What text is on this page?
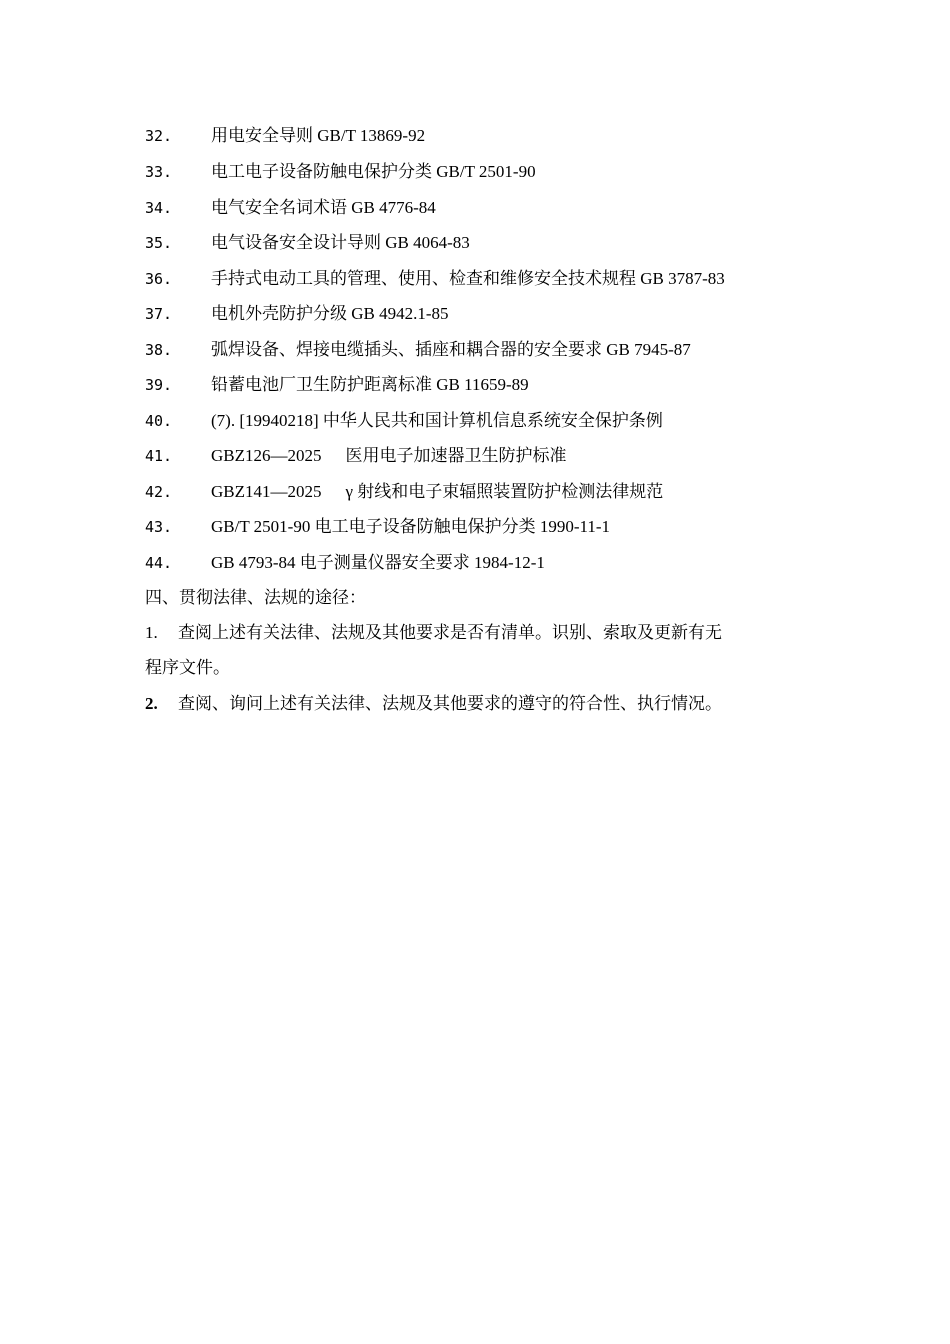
32. 用电安全导则 GB/T 13869-92
33. 电工电子设备防触电保护分类 GB/T 2501-90
34. 电气安全名词术语 GB 4776-84
35. 电气设备安全设计导则 GB 4064-83
36. 手持式电动工具的管理、使用、检查和维修安全技术规程 GB 3787-83
37. 电机外壳防护分级 GB 4942.1-85
38. 弧焊设备、焊接电缆插头、插座和耦合器的安全要求 GB 7945-87
39. 铅蓄电池厂卫生防护距离标准 GB 11659-89
40. (7). [19940218] 中华人民共和国计算机信息系统安全保护条例
41. GBZ126—2025 医用电子加速器卫生防护标准
42. GBZ141—2025 γ 射线和电子束辐照装置防护检测法律规范
43. GB/T 2501-90 电工电子设备防触电保护分类 1990-11-1
44. GB 4793-84 电子测量仪器安全要求 1984-12-1
四、贯彻法律、法规的途径：
1. 查阅上述有关法律、法规及其他要求是否有清单。识别、索取及更新有无
程序文件。
2. 查阅、询问上述有关法律、法规及其他要求的遵守的符合性、执行情况。
